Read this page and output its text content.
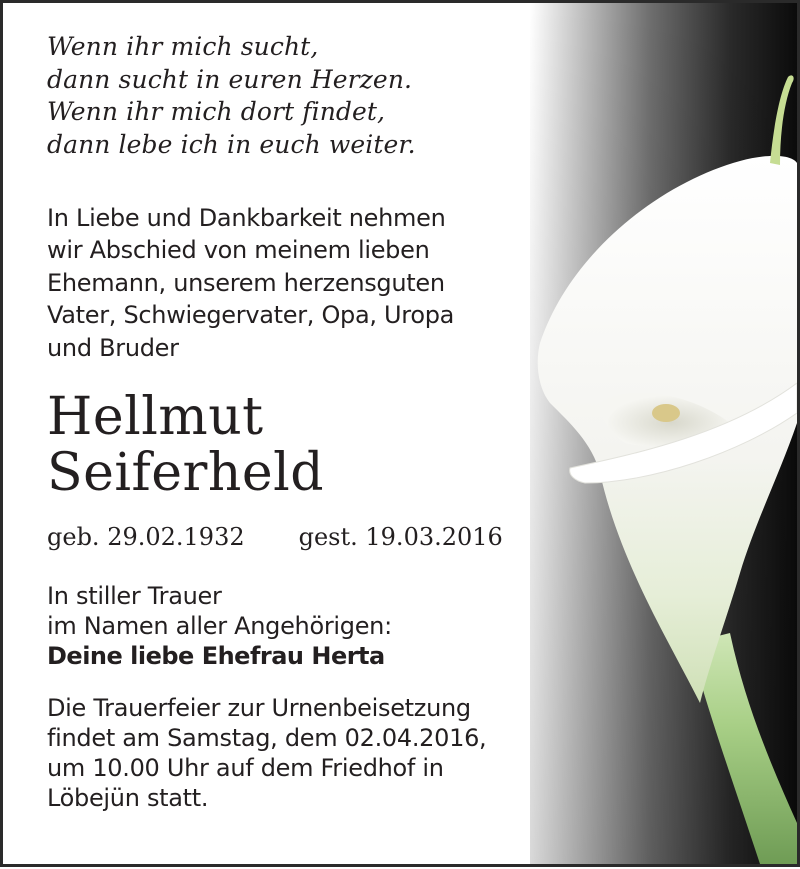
Wenn ihr mich sucht,
dann sucht in euren Herzen.
Wenn ihr mich dort findet,
dann lebe ich in euch weiter.
In Liebe und Dankbarkeit nehmen
wir Abschied von meinem lieben
Ehemann, unserem herzensguten
Vater, Schwiegervater, Opa, Uropa
und Bruder
Hellmut
Seiferheld
geb. 29.02.1932 gest. 19.03.2016
In stiller Trauer
im Namen aller Angehörigen:
Deine liebe Ehefrau Herta
Die Trauerfeier zur Urnenbeisetzung
findet am Samstag, dem 02.04.2016,
um 10.00 Uhr auf dem Friedhof in
Löbejün statt.
